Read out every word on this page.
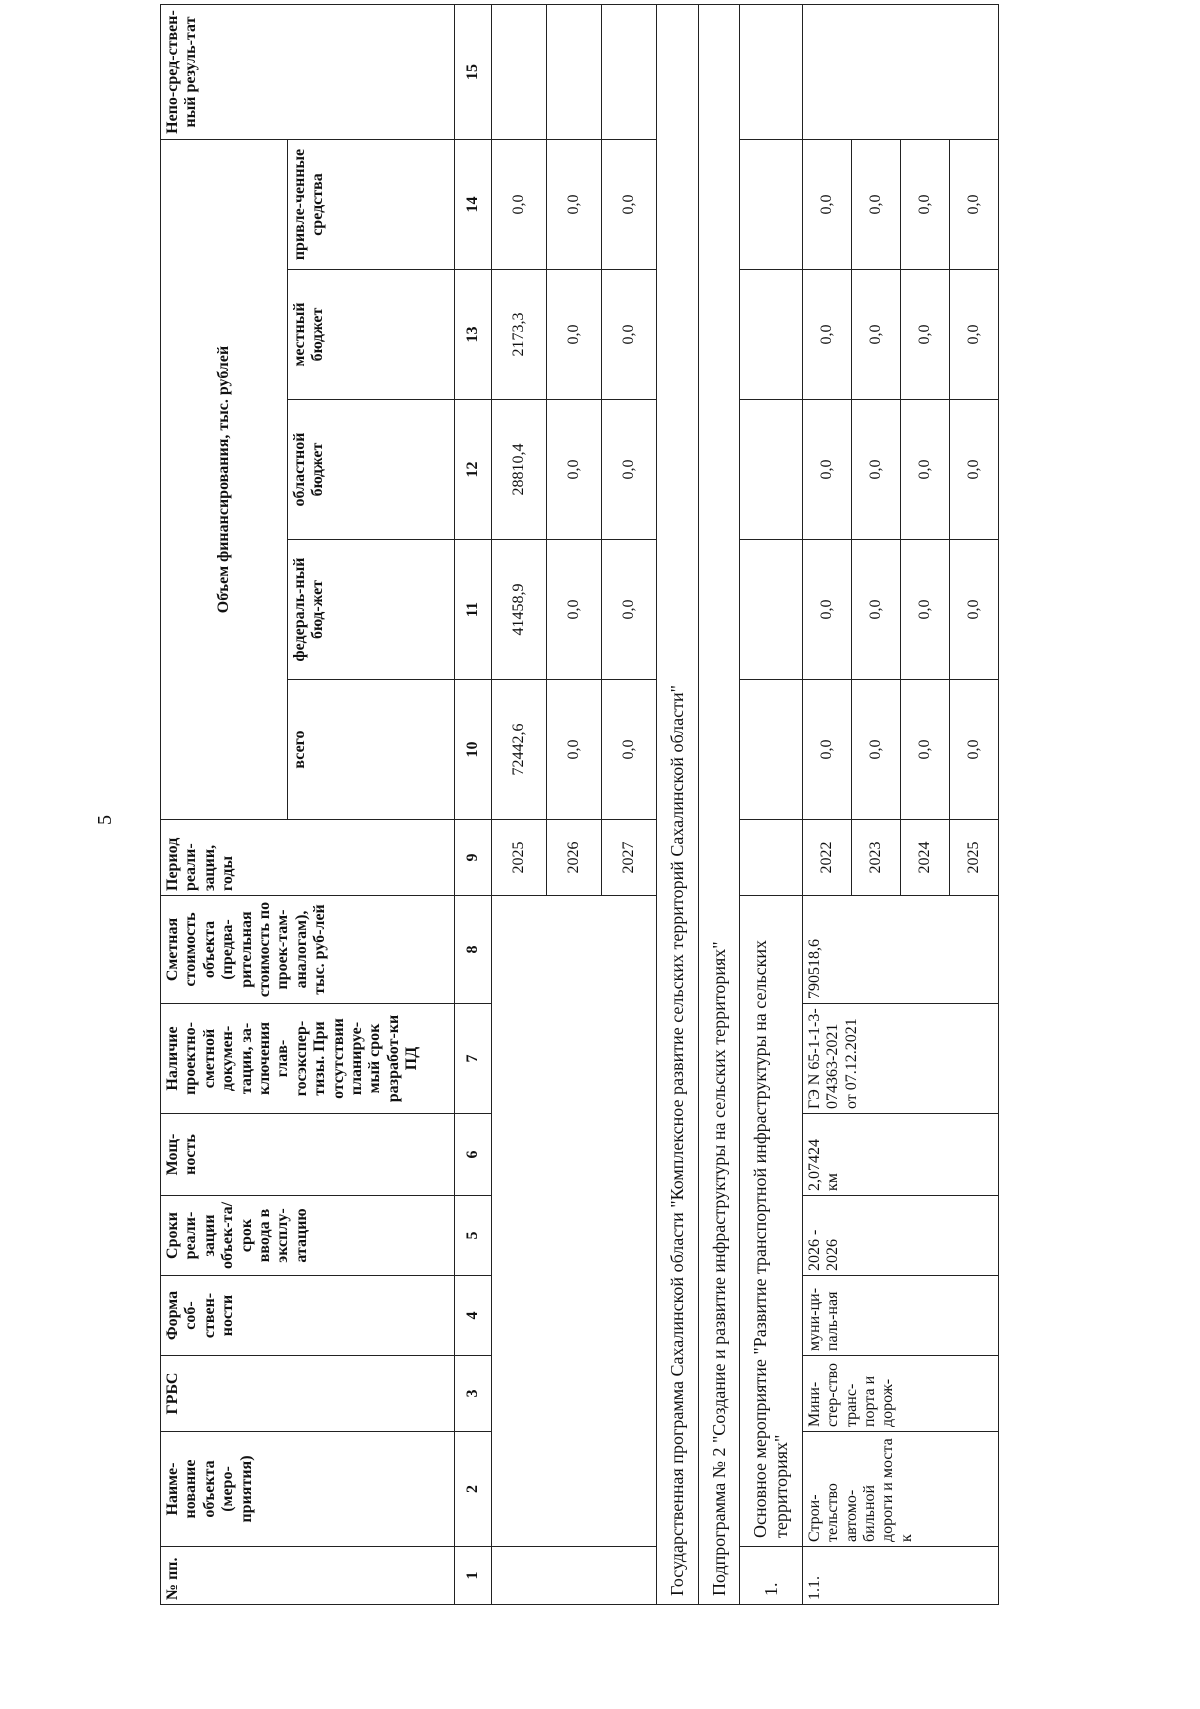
5
№ пп.	Наиме-нование объекта (меро-приятия)	ГРБС	Форма соб-ствен-ности	Сроки реали-зации объек-та/срок ввода в эксплу-атацию	Мощ-ность	Наличие проектно-сметной докумен-тации, за-ключения глав-госэкспер-тизы. При отсутствии планируе-мый срок разработ-ки ПД	Сметная стоимость объекта (предва-рительная стоимость по проек-там-аналогам), тыс. руб-лей	Период реали-зации, годы	Объем финансирования, тыс. рублей					Непо-сред-ствен-ный резуль-тат
									всего	федераль-ный бюд-жет	областной бюджет	местный бюджет	привле-ченные средства	
1	2	3	4	5	6	7	8	9	10	11	12	13	14	15
								2025	72442,6	41458,9	28810,4	2173,3	0,0	
								2026	0,0	0,0	0,0	0,0	0,0	
								2027	0,0	0,0	0,0	0,0	0,0	
Государственная программа Сахалинской области "Комплексное развитие сельских территорий Сахалинской области"														
Подпрограмма № 2 "Создание и развитие инфраструктуры на сельских территориях"														
1.	Основное мероприятие "Развитие транспортной инфраструктуры на сельских территориях"													
1.1.	Строи-тельство автомо-бильной дороги и моста к	Мини-стер-ство транс-порта и дорож-	муни-ци-паль-ная	2026 - 2026	2,07424 км	ГЭ N 65-1-1-3-074363-2021 от 07.12.2021	790518,6	2022	0,0	0,0	0,0	0,0	0,0	
								2023	0,0	0,0	0,0	0,0	0,0	
								2024	0,0	0,0	0,0	0,0	0,0	
								2025	0,0	0,0	0,0	0,0	0,0	
